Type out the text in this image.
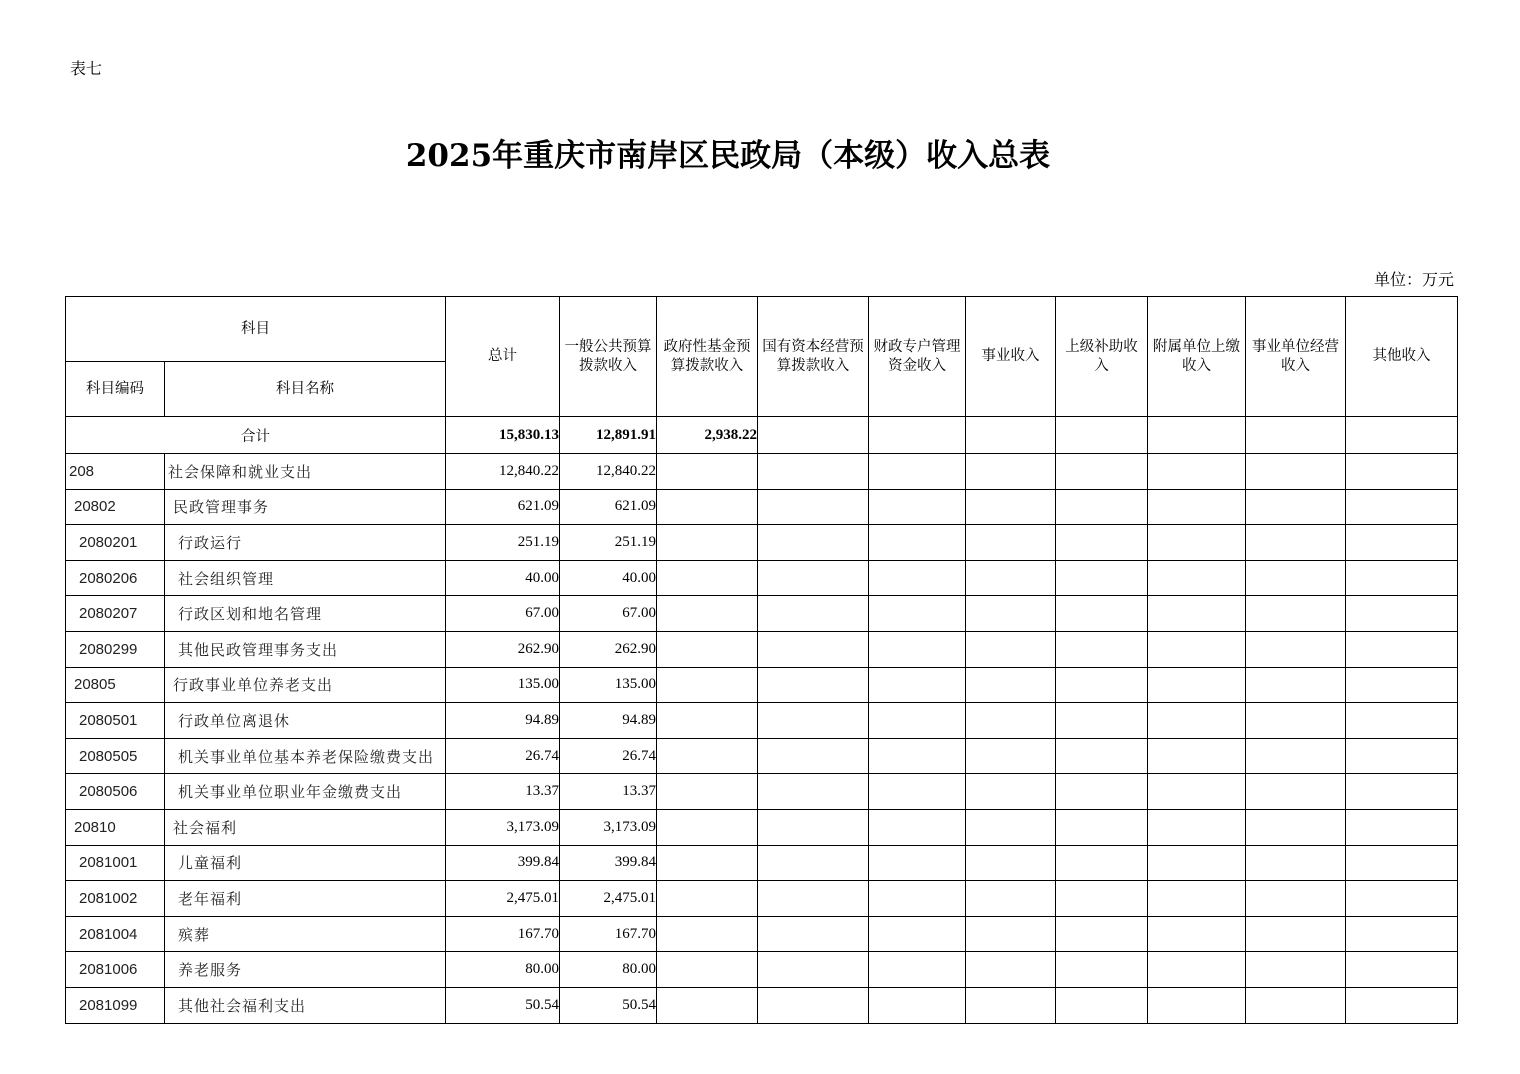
表七
2025年重庆市南岸区民政局（本级）收入总表
单位：万元
科目		总计	一般公共预算拨款收入	政府性基金预算拨款收入	国有资本经营预算拨款收入	财政专户管理资金收入	事业收入	上级补助收入	附属单位上缴收入	事业单位经营收入	其他收入
科目编码	科目名称										
合计		15,830.13	12,891.91	2,938.22							
208	社会保障和就业支出	12,840.22	12,840.22								
20802	民政管理事务	621.09	621.09								
2080201	行政运行	251.19	251.19								
2080206	社会组织管理	40.00	40.00								
2080207	行政区划和地名管理	67.00	67.00								
2080299	其他民政管理事务支出	262.90	262.90								
20805	行政事业单位养老支出	135.00	135.00								
2080501	行政单位离退休	94.89	94.89								
2080505	机关事业单位基本养老保险缴费支出	26.74	26.74								
2080506	机关事业单位职业年金缴费支出	13.37	13.37								
20810	社会福利	3,173.09	3,173.09								
2081001	儿童福利	399.84	399.84								
2081002	老年福利	2,475.01	2,475.01								
2081004	殡葬	167.70	167.70								
2081006	养老服务	80.00	80.00								
2081099	其他社会福利支出	50.54	50.54								
